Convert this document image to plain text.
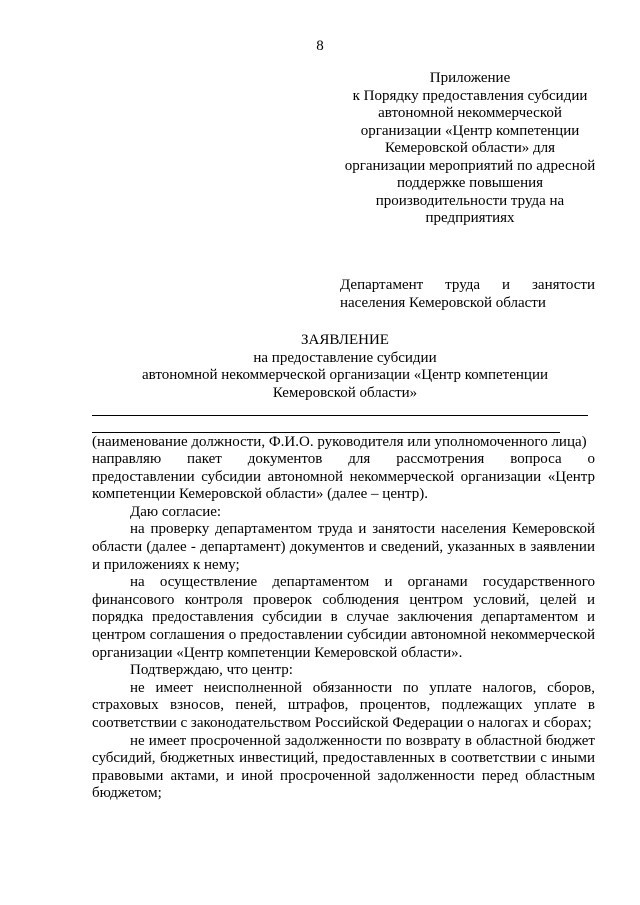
8
Приложение
к Порядку предоставления субсидии
автономной некоммерческой
организации «Центр компетенции
Кемеровской области» для
организации мероприятий по адресной
поддержке повышения
производительности труда на
предприятиях
Департамент труда и занятости
населения Кемеровской области
ЗАЯВЛЕНИЕ
на предоставление субсидии
автономной некоммерческой организации «Центр компетенции
Кемеровской области»
(наименование должности, Ф.И.О. руководителя или уполномоченного лица)
направляю пакет документов для рассмотрения вопроса о

предоставлении субсидии автономной некоммерческой организации «Центр компетенции Кемеровской области» (далее – центр).

Даю согласие:

на проверку департаментом труда и занятости населения Кемеровской области (далее - департамент) документов и сведений, указанных в заявлении и приложениях к нему;

на осуществление департаментом и органами государственного финансового контроля проверок соблюдения центром условий, целей и порядка предоставления субсидии в случае заключения департаментом и центром соглашения о предоставлении субсидии автономной некоммерческой организации «Центр компетенции Кемеровской области».

Подтверждаю, что центр:

не имеет неисполненной обязанности по уплате налогов, сборов, страховых взносов, пеней, штрафов, процентов, подлежащих уплате в соответствии с законодательством Российской Федерации о налогах и сборах;

не имеет просроченной задолженности по возврату в областной бюджет субсидий, бюджетных инвестиций, предоставленных в соответствии с иными правовыми актами, и иной просроченной задолженности перед областным бюджетом;
